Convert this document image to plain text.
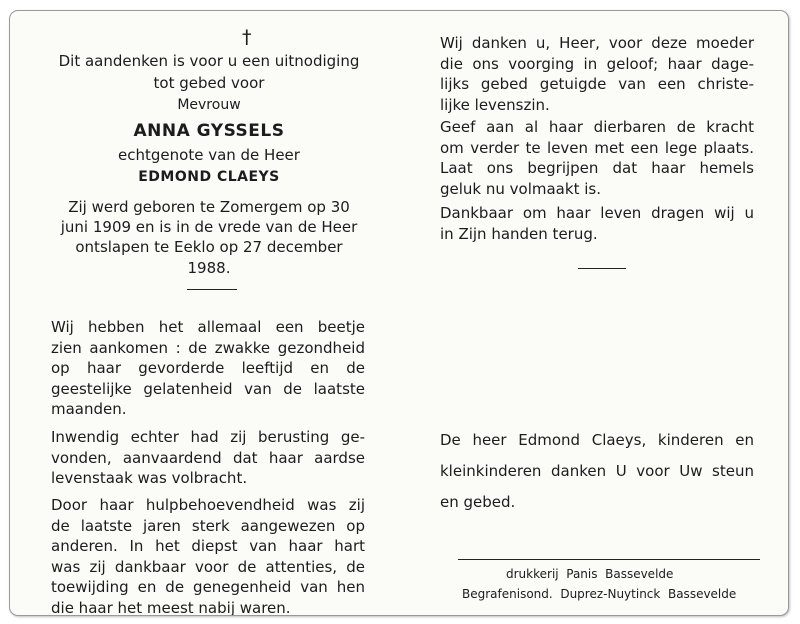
†
Dit aandenken is voor u een uitnodiging
tot gebed voor
Mevrouw
ANNA GYSSELS
echtgenote van de Heer
EDMOND CLAEYS
Zij werd geboren te Zomergem op 30
juni 1909 en is in de vrede van de Heer
ontslapen te Eeklo op 27 december
1988.
Wij hebben het allemaal een beetje
zien aankomen : de zwakke gezondheid
op haar gevorderde leeftijd en de
geestelijke gelatenheid van de laatste
maanden.
Inwendig echter had zij berusting ge-
vonden, aanvaardend dat haar aardse
levenstaak was volbracht.
Door haar hulpbehoevendheid was zij
de laatste jaren sterk aangewezen op
anderen. In het diepst van haar hart
was zij dankbaar voor de attenties, de
toewijding en de genegenheid van hen
die haar het meest nabij waren.
Wij danken u, Heer, voor deze moeder
die ons voorging in geloof; haar dage-
lijks gebed getuigde van een christe-
lijke levenszin.
Geef aan al haar dierbaren de kracht
om verder te leven met een lege plaats.
Laat ons begrijpen dat haar hemels
geluk nu volmaakt is.
Dankbaar om haar leven dragen wij u
in Zijn handen terug.
De heer Edmond Claeys, kinderen en
kleinkinderen danken U voor Uw steun
en gebed.
drukkerij  Panis  Bassevelde
Begrafenisond.  Duprez-Nuytinck  Bassevelde
